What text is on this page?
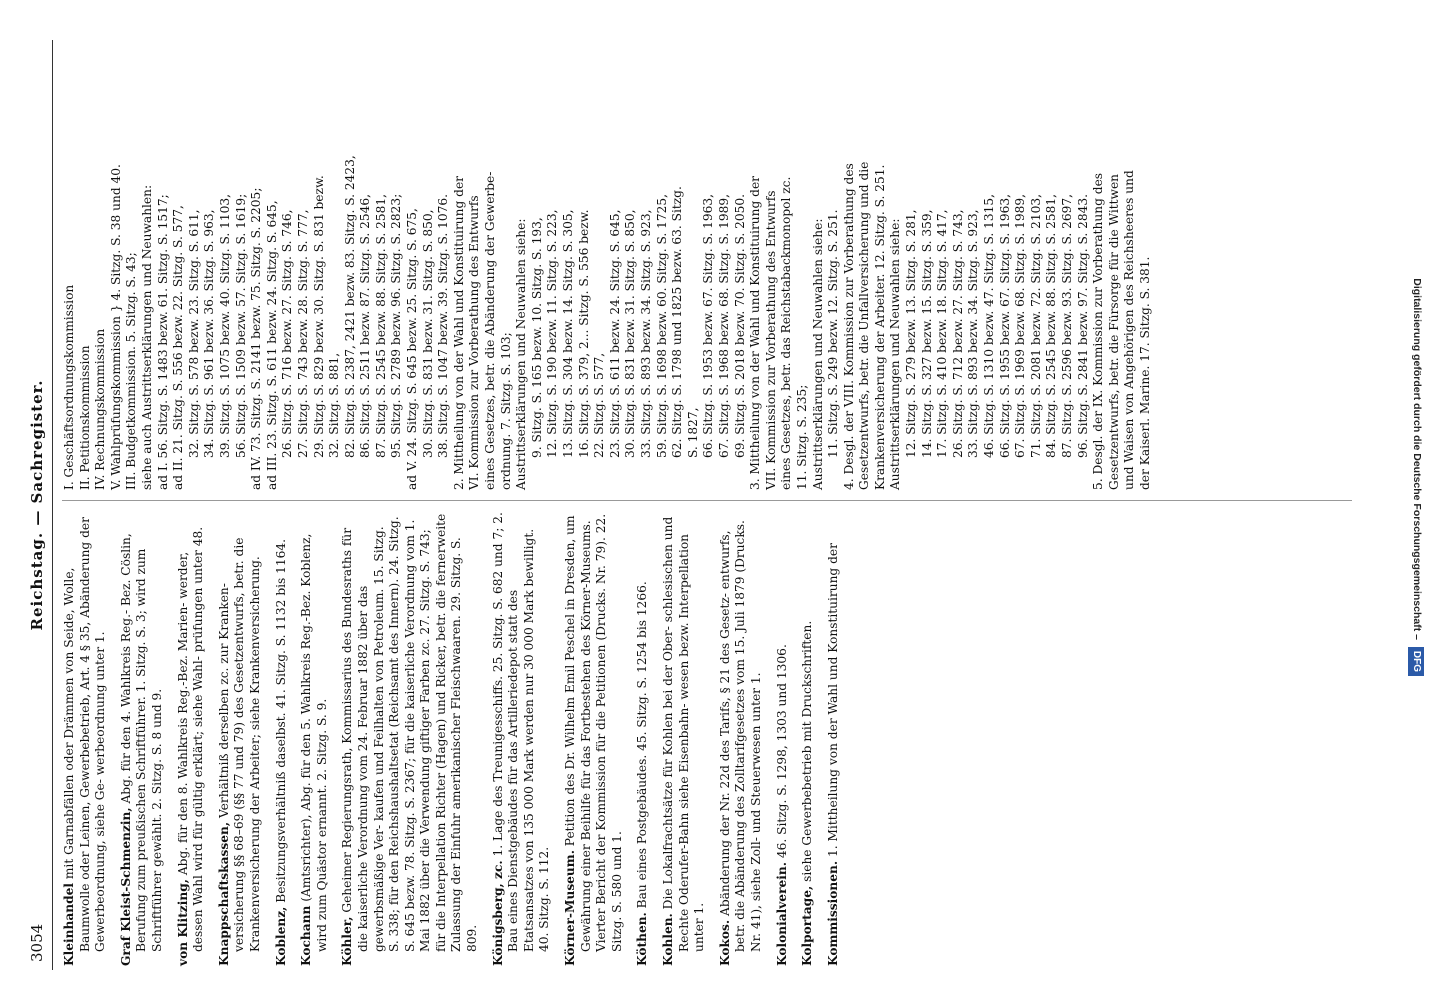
3054
Reichstag. — Sachregister.
Kleinhandel mit Garnabfällen oder Drämmen von Seide, Wolle, Baumwolle oder Leinen, Gewerbebetrieb, Art. 4 § 35, Abänderung der Gewerbeordnung, siehe Ge- werbeordnung unter 1.
Graf Kleist-Schmenzin, Abg. für den 4. Wahlkreis Reg.- Bez. Cöslin, Berufung zum preußischen Schriftführer. 1. Sitzg. S. 3; wird zum Schriftführer gewählt. 2. Sitzg. S. 8 und 9.
von Klitzing, Abg. für den 8. Wahlkreis Reg.-Bez. Marien- werder, dessen Wahl wird für gültig erklärt; siehe Wahl- prüfungen unter 48.
Knappschaftskassen, Verhältniß derselben zc. zur Kranken- versicherung §§ 68–69 (§§ 77 und 79) des Gesetzentwurfs, betr. die Krankenversicherung der Arbeiter; siehe Krankenversicherung.
Koblenz, Besitzungsverhältniß daselbst. 41. Sitzg. S. 1132 bis 1164.
Kochann (Amtsrichter), Abg. für den 5. Wahlkreis Reg.-Bez. Koblenz, wird zum Quästor ernannt. 2. Sitzg. S. 9. Köhler, Geheimer Regierungsrath, Kommissarius des Bundesraths für die kaiserliche Verordnung vom 24. Februar 1882 über das gewerbsmäßige Ver- kaufen und Feilhalten von Petroleum. 15. Sitzg. S. 338; für den Reichshaushaltsetat (Reichsamt des Innern). 24. Sitzg. S. 645 bezw. 78. Sitzg. S. 2367; für die kaiserliche Verordnung vom 1. Mai 1882 über die Verwendung giftiger Farben zc. 27. Sitzg. S. 743; für die Interpellation Richter (Hagen) und Ricker, betr. die fernerweite Zulassung der Einfuhr amerikanischer Fleischwaaren. 29. Sitzg. S. 809. Königsberg, zc. 1. Lage des Treunigesschiffs. 25. Sitzg. S. 682 und 7; 2. Bau eines Dienstgebäudes für das Artilleriedepot statt des Etatsansatzes von 135 000 Mark werden nur 30 000 Mark bewilligt. 40. Sitzg. S. 112. Körner-Museum. Petition des Dr. Wilhelm Emil Peschel in Dresden, um Gewährung einer Beihilfe für das Fortbestehen des Körner-Museums. Vierter Bericht der Kommission für die Petitionen (Drucks. Nr. 79). 22. Sitzg. S. 580 und 1.
Köthen. Bau eines Postgebäudes. 45. Sitzg. S. 1254 bis 1266.
Kohlen. Die Lokalfrachtsätze für Kohlen bei der Ober- schlesischen und Rechte Oderufer-Bahn siehe Eisenbahn- wesen bezw. Interpellation unter 1. Kokos. Abänderung der Nr. 22d des Tarifs, § 21 des Gesetz- entwurfs, betr. die Abänderung des Zolltarifgesetzes vom 15. Juli 1879 (Drucks. Nr. 41), siehe Zoll- und Steuerwesen unter 1.
Kolonialverein. 46. Sitzg. S. 1298, 1303 und 1306.
Kolportage, siehe Gewerbebetrieb mit Druckschriften.
Kommissionen. 1. Mittheilung von der Wahl und Konstituirung der
I. Geschäftsordnungskommission II. Petitionskommission IV. Rechnungskommission V. Wahlprüfungskommission } 4. Sitzg. S. 38 und 40. III. Budgetkommission. 5. Sitzg. S. 43; siehe auch Austrittserklärungen und Neuwahlen: ad I. 56. Sitzg. S. 1483 bezw. 61. Sitzg. S. 1517; ad II. 21. Sitzg. S. 556 bezw. 22. Sitzg. S. 577, 32. Sitzg. S. 578 bezw. 23. Sitzg. S. 611, 34. Sitzg. S. 961 bezw. 36. Sitzg. S. 963, 39. Sitzg. S. 1075 bezw. 40. Sitzg. S. 1103, 56. Sitzg. S. 1509 bezw. 57. Sitzg. S. 1619; ad IV. 73. Sitzg. S. 2141 bezw. 75. Sitzg. S. 2205; ad III. 23. Sitzg. S. 611 bezw. 24. Sitzg. S. 645, 26. Sitzg. S. 716 bezw. 27. Sitzg. S. 746, 27. Sitzg. S. 743 bezw. 28. Sitzg. S. 777, 29. Sitzg. S. 829 bezw. 30. Sitzg. S. 831 bezw. 32. Sitzg. S. 881, 82. Sitzg. S. 2387, 2421 bezw. 83. Sitzg. S. 2423, 86. Sitzg. S. 2511 bezw. 87. Sitzg. S. 2546, 87. Sitzg. S. 2545 bezw. 88. Sitzg. S. 2581, 95. Sitzg. S. 2789 bezw. 96. Sitzg. S. 2823; ad V. 24. Sitzg. S. 645 bezw. 25. Sitzg. S. 675, 30. Sitzg. S. 831 bezw. 31. Sitzg. S. 850, 38. Sitzg. S. 1047 bezw. 39. Sitzg. S. 1076. 2. Mittheilung von der Wahl und Konstituirung der VI. Kommission zur Vorberathung des Entwurfs eines Gesetzes, betr. die Abänderung der Gewerbe- ordnung. 7. Sitzg. S. 103; Austrittserklärungen und Neuwahlen siehe: 9. Sitzg. S. 165 bezw. 10. Sitzg. S. 193, 12. Sitzg. S. 190 bezw. 11. Sitzg. S. 223, 13. Sitzg. S. 304 bezw. 14. Sitzg. S. 305, 16. Sitzg. S. 379, 2... Sitzg. S. 556 bezw. 22. Sitzg. S. 577, 23. Sitzg. S. 611 bezw. 24. Sitzg. S. 645, 30. Sitzg. S. 831 bezw. 31. Sitzg. S. 850, 33. Sitzg. S. 893 bezw. 34. Sitzg. S. 923, 59. Sitzg. S. 1698 bezw. 60. Sitzg. S. 1725, 62. Sitzg. S. 1798 und 1825 bezw. 63. Sitzg. S. 1827, 66. Sitzg. S. 1953 bezw. 67. Sitzg. S. 1963, 67. Sitzg. S. 1968 bezw. 68. Sitzg. S. 1989, 69. Sitzg. S. 2018 bezw. 70. Sitzg. S. 2050. 3. Mittheilung von der Wahl und Konstituirung der VII. Kommission zur Vorberathung des Entwurfs eines Gesetzes, betr. das Reichstabackmonopol zc. 11. Sitzg. S. 235; Austrittserklärungen und Neuwahlen siehe: 11. Sitzg. S. 249 bezw. 12. Sitzg. S. 251. 4. Desgl. der VIII. Kommission zur Vorberathung des Gesetzentwurfs, betr. die Unfallversicherung und die Krankenversicherung der Arbeiter. 12. Sitzg. S. 251. Austrittserklärungen und Neuwahlen siehe: 12. Sitzg. S. 279 bezw. 13. Sitzg. S. 281, 14. Sitzg. S. 327 bezw. 15. Sitzg. S. 359, 17. Sitzg. S. 410 bezw. 18. Sitzg. S. 417, 26. Sitzg. S. 712 bezw. 27. Sitzg. S. 743, 33. Sitzg. S. 893 bezw. 34. Sitzg. S. 923, 46. Sitzg. S. 1310 bezw. 47. Sitzg. S. 1315, 66. Sitzg. S. 1955 bezw. 67. Sitzg. S. 1963, 67. Sitzg. S. 1969 bezw. 68. Sitzg. S. 1989, 71. Sitzg. S. 2081 bezw. 72. Sitzg. S. 2103, 84. Sitzg. S. 2545 bezw. 88. Sitzg. S. 2581, 87. Sitzg. S. 2596 bezw. 93. Sitzg. S. 2697, 96. Sitzg. S. 2841 bezw. 97. Sitzg. S. 2843. 5. Desgl. der IX. Kommission zur Vorberathung des Gesetzentwurfs, betr. die Fürsorge für die Wittwen und Waisen von Angehörigen des Reichsheeres und der Kaiserl. Marine. 17. Sitzg. S. 381.	Digitalisierung gefördert durch die Deutsche Forschungsgemeinschaft – DFG
